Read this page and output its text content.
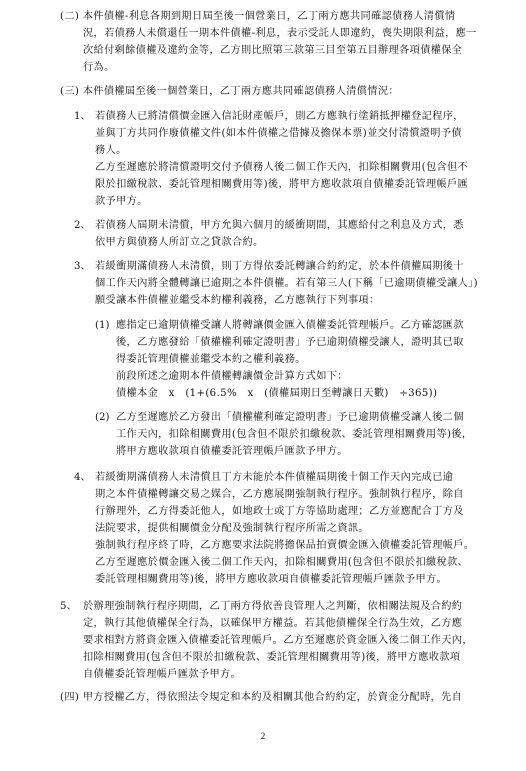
(二) 本件債權-利息各期到期日屆至後一個營業日，乙丁兩方應共同確認債務人清償情
況，若債務人未償還任一期本件債權-利息，表示受託人即違約，喪失期限利益，應一
次給付剩餘債權及違約金等，乙方則比照第三款第三目至第五目辦理各項債權保全
行為。
(三) 本件債權屆至後一個營業日，乙丁兩方應共同確認債務人清償情況：
1、 若債務人已將清償價金匯入信託財產帳戶，則乙方應執行塗銷抵押權登記程序，
並與丁方共同作廢債權文件(如本件債權之借據及擔保本票)並交付清償證明予債
務人。
乙方至遲應於將清償證明交付予債務人後二個工作天內，扣除相關費用(包含但不
限於扣繳稅款、委託管理相關費用等)後，將甲方應收款項自債權委託管理帳戶匯
款予甲方。
2、 若債務人屆期未清償，甲方允與六個月的緩衝期間，其應給付之利息及方式，悉
依甲方與債務人所訂立之貸款合約。
3、 若緩衝期滿債務人未清償，則丁方得依委託轉讓合約約定，於本件債權屆期後十
個工作天內將全體轉讓已逾期之本件債權。若有第三人(下稱「已逾期債權受讓人」)
願受讓本件債權並繼受本約權利義務，乙方應執行下列事項：
(1) 應指定已逾期債權受讓人將轉讓價金匯入債權委託管理帳戶。乙方確認匯款
後，乙方應發給「債權權利確定證明書」予已逾期債權受讓人，證明其已取
得委託管理債權並繼受本約之權利義務。
前段所述之逾期本件債權轉讓價金計算方式如下：
債權本金　x　(1+(6.5%　x　(債權屆期日至轉讓日天數)　÷365))
(2) 乙方至遲應於乙方發出「債權權利確定證明書」予已逾期債權受讓人後二個
工作天內，扣除相關費用(包含但不限於扣繳稅款、委託管理相關費用等)後，
將甲方應收款項自債權委託管理帳戶匯款予甲方。
4、 若緩衝期滿債務人未清償且丁方未能於本件債權屆期後十個工作天內完成已逾
期之本件債權轉讓交易之媒合，乙方應展開強制執行程序。強制執行程序，除自
行辦理外，乙方得委託他人，如地政士或丁方等協助處理；乙方並應配合丁方及
法院要求，提供相關價金分配及強制執行程序所需之資訊。
強制執行程序終了時，乙方應要求法院將擔保品拍賣價金匯入債權委託管理帳戶。
乙方至遲應於價金匯入後二個工作天內，扣除相關費用(包含但不限於扣繳稅款、
委託管理相關費用等)後，將甲方應收款項自債權委託管理帳戶匯款予甲方。
5、 於辦理強制執行程序期間，乙丁兩方得依善良管理人之判斷，依相關法規及合約約
定，執行其他債權保全行為，以確保甲方權益。若其他債權保全行為生效，乙方應
要求相對方將資金匯入債權委託管理帳戶。乙方至遲應於資金匯入後二個工作天內，
扣除相關費用(包含但不限於扣繳稅款、委託管理相關費用等)後，將甲方應收款項
自債權委託管理帳戶匯款予甲方。
(四) 甲方授權乙方，得依照法令規定和本約及相關其他合約約定，於資金分配時，先自
2
